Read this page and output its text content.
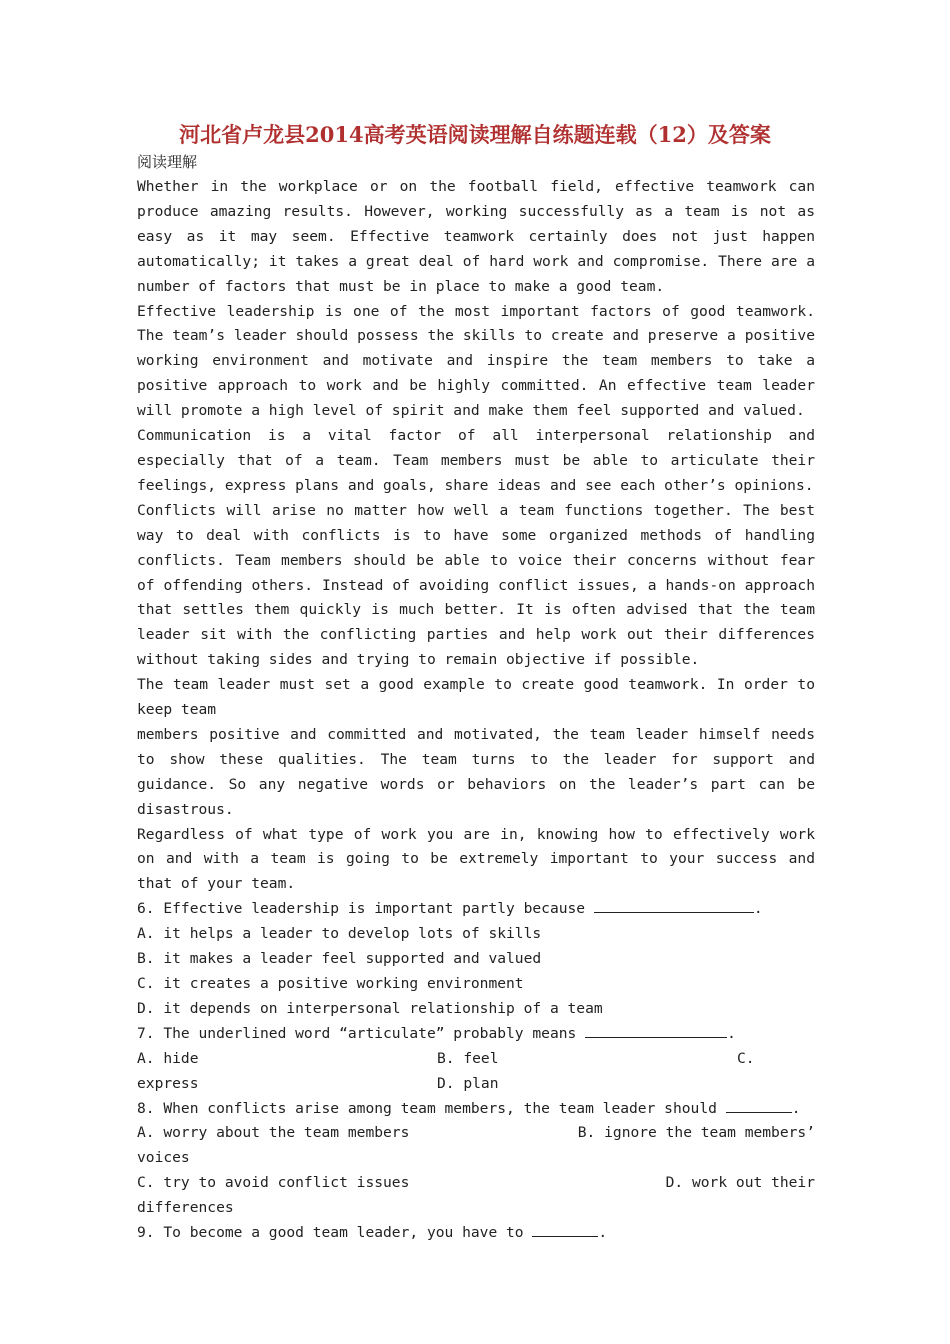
河北省卢龙县2014高考英语阅读理解自练题连载（12）及答案
阅读理解

Whether in the workplace or on the football field, effective teamwork can produce amazing results. However, working successfully as a team is not as easy as it may seem. Effective teamwork certainly does not just happen automatically; it takes a great deal of hard work and compromise. There are a number of factors that must be in place to make a good team.

Effective leadership is one of the most important factors of good teamwork. The team’s leader should possess the skills to create and preserve a positive working environment and motivate and inspire the team members to take a positive approach to work and be highly committed. An effective team leader will promote a high level of spirit and make them feel supported and valued.

Communication is a vital factor of all interpersonal relationship and especially that of a team. Team members must be able to articulate their feelings, express plans and goals, share ideas and see each other’s opinions.

Conflicts will arise no matter how well a team functions together. The best way to deal with conflicts is to have some organized methods of handling conflicts. Team members should be able to voice their concerns without fear of offending others. Instead of avoiding conflict issues, a hands-on approach that settles them quickly is much better. It is often advised that the team leader sit with the conflicting parties and help work out their differences without taking sides and trying to remain objective if possible.

The team leader must set a good example to create good teamwork. In order to keep team

members positive and committed and motivated, the team leader himself needs to show these qualities. The team turns to the leader for support and guidance. So any negative words or behaviors on the leader’s part can be disastrous.

Regardless of what type of work you are in, knowing how to effectively work on and with a team is going to be extremely important to your success and that of your team.

6. Effective leadership is important partly because	.

A. it helps a leader to develop lots of skills

B. it makes a leader feel supported and valued

C. it creates a positive working environment

D. it depends on interpersonal relationship of a team

7. The underlined word “articulate” probably means	.

A. hide	B. feel	C.
express	D. plan

8. When conflicts arise among team members, the team leader should	.

A. worry about the team members	B. ignore the team members’

voices

C. try to avoid conflict issues	D. work out their

differences

9. To become a good team leader, you have to	.
